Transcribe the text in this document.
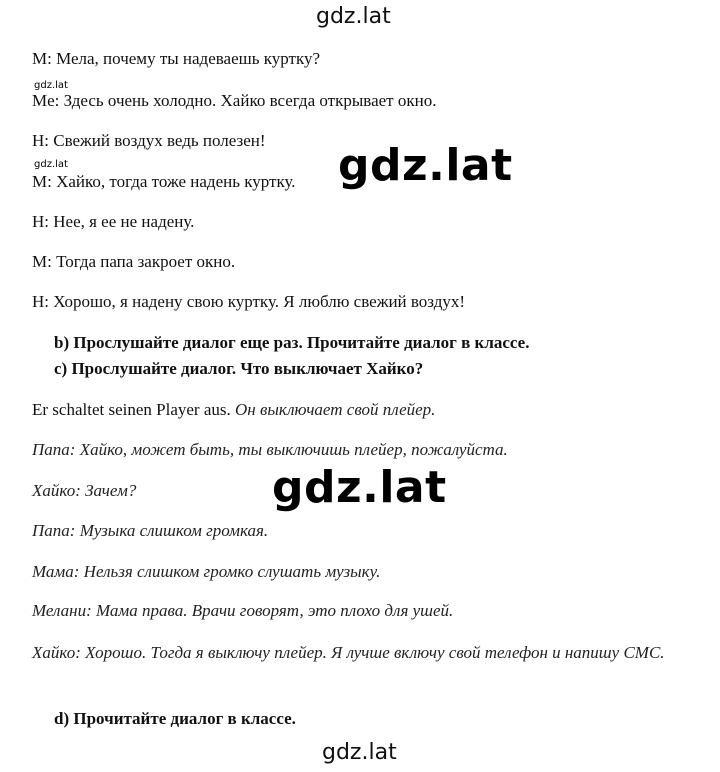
gdz.lat
M: Мела, почему ты надеваешь куртку?
gdz.lat
Me: Здесь очень холодно. Хайко всегда открывает окно.
H: Свежий воздух ведь полезен!
gdz.lat
M: Хайко, тогда тоже надень куртку. gdz.lat
H: Нее, я ее не надену.
M: Тогда папа закроет окно.
H: Хорошо, я надену свою куртку. Я люблю свежий воздух!
b) Прослушайте диалог еще раз. Прочитайте диалог в классе.
c) Прослушайте диалог. Что выключает Хайко?
Er schaltet seinen Player aus. Он выключает свой плейер.
Папа: Хайко, может быть, ты выключишь плейер, пожалуйста.
Хайко: Зачем?	gdz.lat
Папа: Музыка слишком громкая.
Мама: Нельзя слишком громко слушать музыку.
Мелани: Мама права. Врачи говорят, это плохо для ушей.
Хайко: Хорошо. Тогда я выключу плейер. Я лучше включу свой телефон и напишу СМС.
d) Прочитайте диалог в классе.
gdz.lat
